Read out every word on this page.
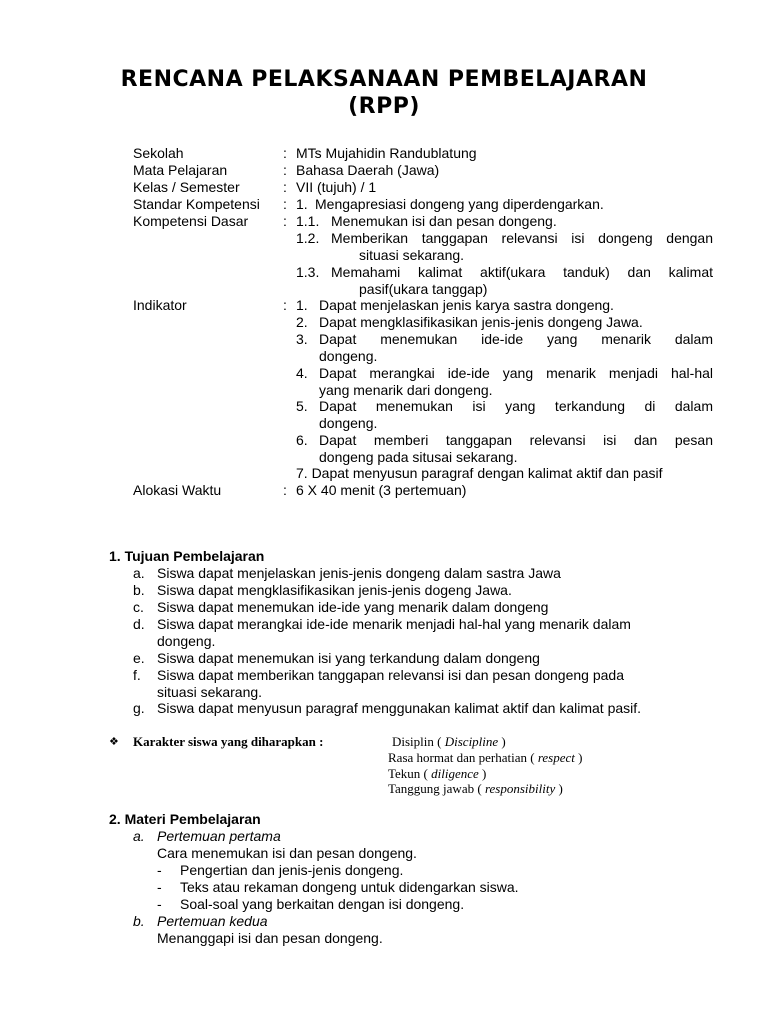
RENCANA PELAKSANAAN PEMBELAJARAN
(RPP)
Sekolah	: MTs Mujahidin Randublatung
Mata Pelajaran	: Bahasa Daerah (Jawa)
Kelas / Semester	: VII (tujuh) / 1
Standar Kompetensi : 1. Mengapresiasi dongeng yang diperdengarkan.
Kompetensi Dasar : 1.1. Menemukan isi dan pesan dongeng.
1.2. Memberikan tanggapan relevansi isi dongeng dengan
situasi sekarang.
1.3. Memahami kalimat aktif(ukara tanduk) dan kalimat
pasif(ukara tanggap)
Indikator	: 1. Dapat menjelaskan jenis karya sastra dongeng.
2. Dapat mengklasifikasikan jenis-jenis dongeng Jawa.
3. Dapat menemukan ide-ide yang menarik dalam
dongeng.
4. Dapat merangkai ide-ide yang menarik menjadi hal-hal
yang menarik dari dongeng.
5. Dapat menemukan isi yang terkandung di dalam
dongeng.
6. Dapat memberi tanggapan relevansi isi dan pesan
dongeng pada situsai sekarang.
7. Dapat menyusun paragraf dengan kalimat aktif dan pasif
Alokasi Waktu	: 6 X 40 menit (3 pertemuan)
1. Tujuan Pembelajaran
a. Siswa dapat menjelaskan jenis-jenis dongeng dalam sastra Jawa
b. Siswa dapat mengklasifikasikan jenis-jenis dogeng Jawa.
c. Siswa dapat menemukan ide-ide yang menarik dalam dongeng
d. Siswa dapat merangkai ide-ide menarik menjadi hal-hal yang menarik dalam
dongeng.
e. Siswa dapat menemukan isi yang terkandung dalam dongeng
f. Siswa dapat memberikan tanggapan relevansi isi dan pesan dongeng pada
situasi sekarang.
g. Siswa dapat menyusun paragraf menggunakan kalimat aktif dan kalimat pasif.
❖ Karakter siswa yang diharapkan :	Disiplin ( Discipline )
Rasa hormat dan perhatian ( respect )
Tekun ( diligence )
Tanggung jawab ( responsibility )
2. Materi Pembelajaran
a. Pertemuan pertama
Cara menemukan isi dan pesan dongeng.
- Pengertian dan jenis-jenis dongeng.
- Teks atau rekaman dongeng untuk didengarkan siswa.
- Soal-soal yang berkaitan dengan isi dongeng.
b. Pertemuan kedua
Menanggapi isi dan pesan dongeng.
